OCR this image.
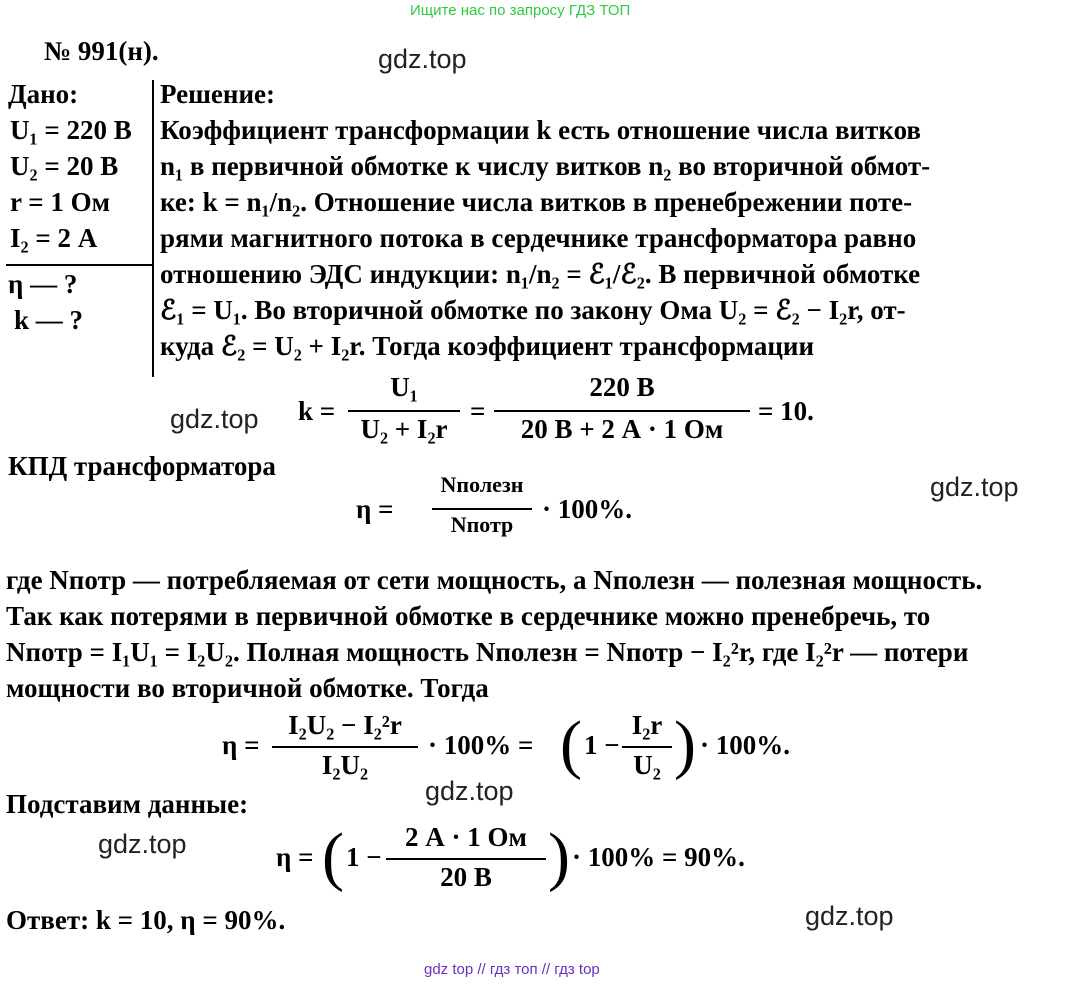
Ищите нас по запросу ГДЗ ТОП
№ 991(н).	gdz.top
gdz.top
gdz.top
gdz.top
gdz.top
gdz.top
Дано:
U₁ = 220 В
U₂ = 20 В
r = 1 Ом
I₂ = 2 А
η — ?
k — ?
Решение:
Коэффициент трансформации k есть отношение числа витков
n₁ в первичной обмотке к числу витков n₂ во вторичной обмот-
ке: k = n₁/n₂. Отношение числа витков в пренебрежении поте-
рями магнитного потока в сердечнике трансформатора равно
отношению ЭДС индукции: n₁/n₂ = ℰ₁/ℰ₂. В первичной обмотке
ℰ₁ = U₁. Во вторичной обмотке по закону Ома U₂ = ℰ₂ − I₂r, от-
куда ℰ₂ = U₂ + I₂r. Тогда коэффициент трансформации
k =
U₁
U₂ + I₂r
=
220 В
20 В + 2 А · 1 Ом
= 10.
КПД трансформатора
η =
Nполезн
Nпотр
· 100%.
где Nпотр — потребляемая от сети мощность, а Nполезн — полезная мощность.
Так как потерями в первичной обмотке в сердечнике можно пренебречь, то
Nпотр = I₁U₁ = I₂U₂. Полная мощность Nполезн = Nпотр − I₂²r, где I₂²r — потери
мощности во вторичной обмотке. Тогда
η =
I₂U₂ − I₂²r
I₂U₂
· 100% = ( 1 −
I₂r
U₂ ) · 100%.
Подставим данные:
η = ( 1 −
2 А · 1 Ом
20 В ) · 100% = 90%.
Ответ: k = 10, η = 90%.
gdz top // гдз топ // гдз top
